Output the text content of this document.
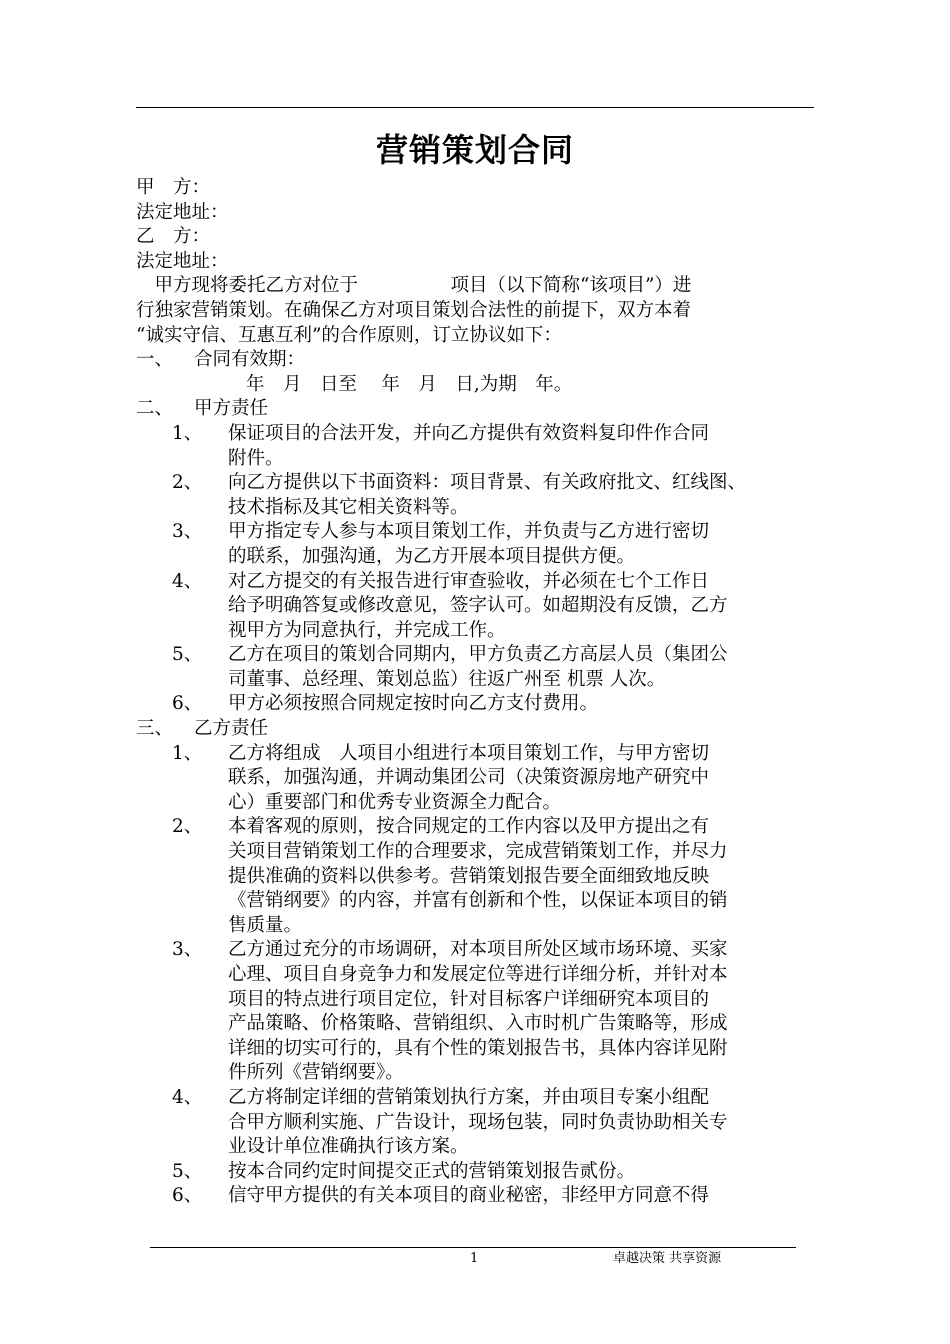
营销策划合同
甲　方：
法定地址：
乙　方：
法定地址：
　甲方现将委托乙方对位于　　　　　项目（以下简称“该项目”）进
行独家营销策划。在确保乙方对项目策划合法性的前提下，双方本着
“诚实守信、互惠互利”的合作原则，订立协议如下：
一、	合同有效期：
年　月　日至　 年　月　日,为期　年。
二、	甲方责任
1、	保证项目的合法开发，并向乙方提供有效资料复印件作合同
附件。
2、	向乙方提供以下书面资料：项目背景、有关政府批文、红线图、
技术指标及其它相关资料等。
3、	甲方指定专人参与本项目策划工作，并负责与乙方进行密切
的联系，加强沟通，为乙方开展本项目提供方便。
4、	对乙方提交的有关报告进行审查验收，并必须在七个工作日
给予明确答复或修改意见，签字认可。如超期没有反馈，乙方
视甲方为同意执行，并完成工作。
5、	乙方在项目的策划合同期内，甲方负责乙方高层人员（集团公
司董事、总经理、策划总监）往返广州至 机票 人次。
6、	甲方必须按照合同规定按时向乙方支付费用。
三、	乙方责任
1、	乙方将组成　人项目小组进行本项目策划工作，与甲方密切
联系，加强沟通，并调动集团公司（决策资源房地产研究中
心）重要部门和优秀专业资源全力配合。
2、	本着客观的原则，按合同规定的工作内容以及甲方提出之有
关项目营销策划工作的合理要求，完成营销策划工作，并尽力
提供准确的资料以供参考。营销策划报告要全面细致地反映
《营销纲要》的内容，并富有创新和个性，以保证本项目的销
售质量。
3、	乙方通过充分的市场调研，对本项目所处区域市场环境、买家
心理、项目自身竞争力和发展定位等进行详细分析，并针对本
项目的特点进行项目定位，针对目标客户详细研究本项目的
产品策略、价格策略、营销组织、入市时机广告策略等，形成
详细的切实可行的，具有个性的策划报告书，具体内容详见附
件所列《营销纲要》。
4、	乙方将制定详细的营销策划执行方案，并由项目专案小组配
合甲方顺利实施、广告设计，现场包装，同时负责协助相关专
业设计单位准确执行该方案。
5、	按本合同约定时间提交正式的营销策划报告贰份。
6、	信守甲方提供的有关本项目的商业秘密，非经甲方同意不得
1	卓越决策 共享资源
